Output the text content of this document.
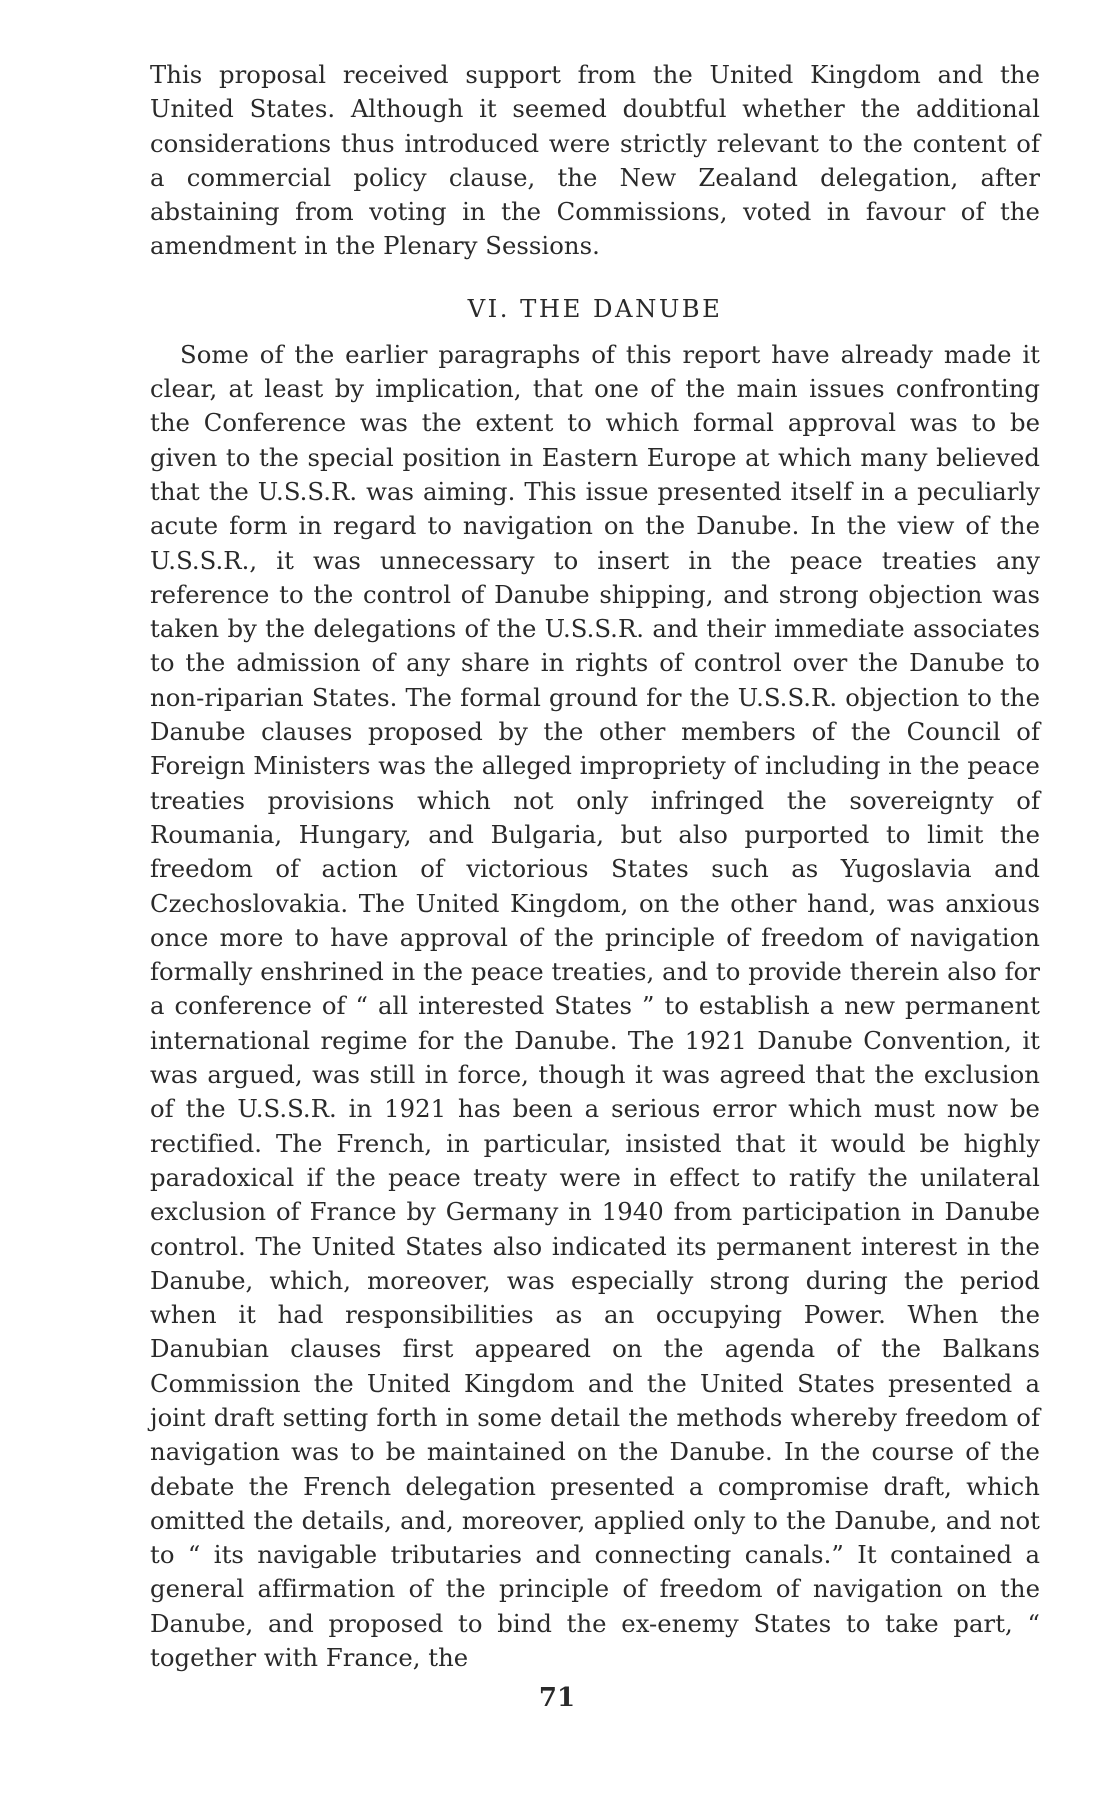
This proposal received support from the United Kingdom and the United States. Although it seemed doubtful whether the additional considerations thus introduced were strictly relevant to the content of a commercial policy clause, the New Zealand delegation, after abstaining from voting in the Commissions, voted in favour of the amendment in the Plenary Sessions.

VI. THE DANUBE

Some of the earlier paragraphs of this report have already made it clear, at least by implication, that one of the main issues confronting the Conference was the extent to which formal approval was to be given to the special position in Eastern Europe at which many believed that the U.S.S.R. was aiming. This issue presented itself in a peculiarly acute form in regard to navigation on the Danube. In the view of the U.S.S.R., it was unnecessary to insert in the peace treaties any reference to the control of Danube shipping, and strong objection was taken by the delegations of the U.S.S.R. and their immediate associates to the admission of any share in rights of control over the Danube to non-riparian States. The formal ground for the U.S.S.R. objection to the Danube clauses proposed by the other members of the Council of Foreign Ministers was the alleged impropriety of including in the peace treaties provisions which not only infringed the sovereignty of Roumania, Hungary, and Bulgaria, but also purported to limit the freedom of action of victorious States such as Yugoslavia and Czechoslovakia. The United Kingdom, on the other hand, was anxious once more to have approval of the principle of freedom of navigation formally enshrined in the peace treaties, and to provide therein also for a conference of “ all interested States ” to establish a new permanent international regime for the Danube. The 1921 Danube Convention, it was argued, was still in force, though it was agreed that the exclusion of the U.S.S.R. in 1921 has been a serious error which must now be rectified. The French, in particular, insisted that it would be highly paradoxical if the peace treaty were in effect to ratify the unilateral exclusion of France by Germany in 1940 from participation in Danube control. The United States also indicated its permanent interest in the Danube, which, moreover, was especially strong during the period when it had responsibilities as an occupying Power. When the Danubian clauses first appeared on the agenda of the Balkans Commission the United Kingdom and the United States presented a joint draft setting forth in some detail the methods whereby freedom of navigation was to be maintained on the Danube. In the course of the debate the French delegation presented a compromise draft, which omitted the details, and, moreover, applied only to the Danube, and not to “ its navigable tributaries and connecting canals.” It contained a general affirmation of the principle of freedom of navigation on the Danube, and proposed to bind the ex-enemy States to take part, “ together with France, the

71
